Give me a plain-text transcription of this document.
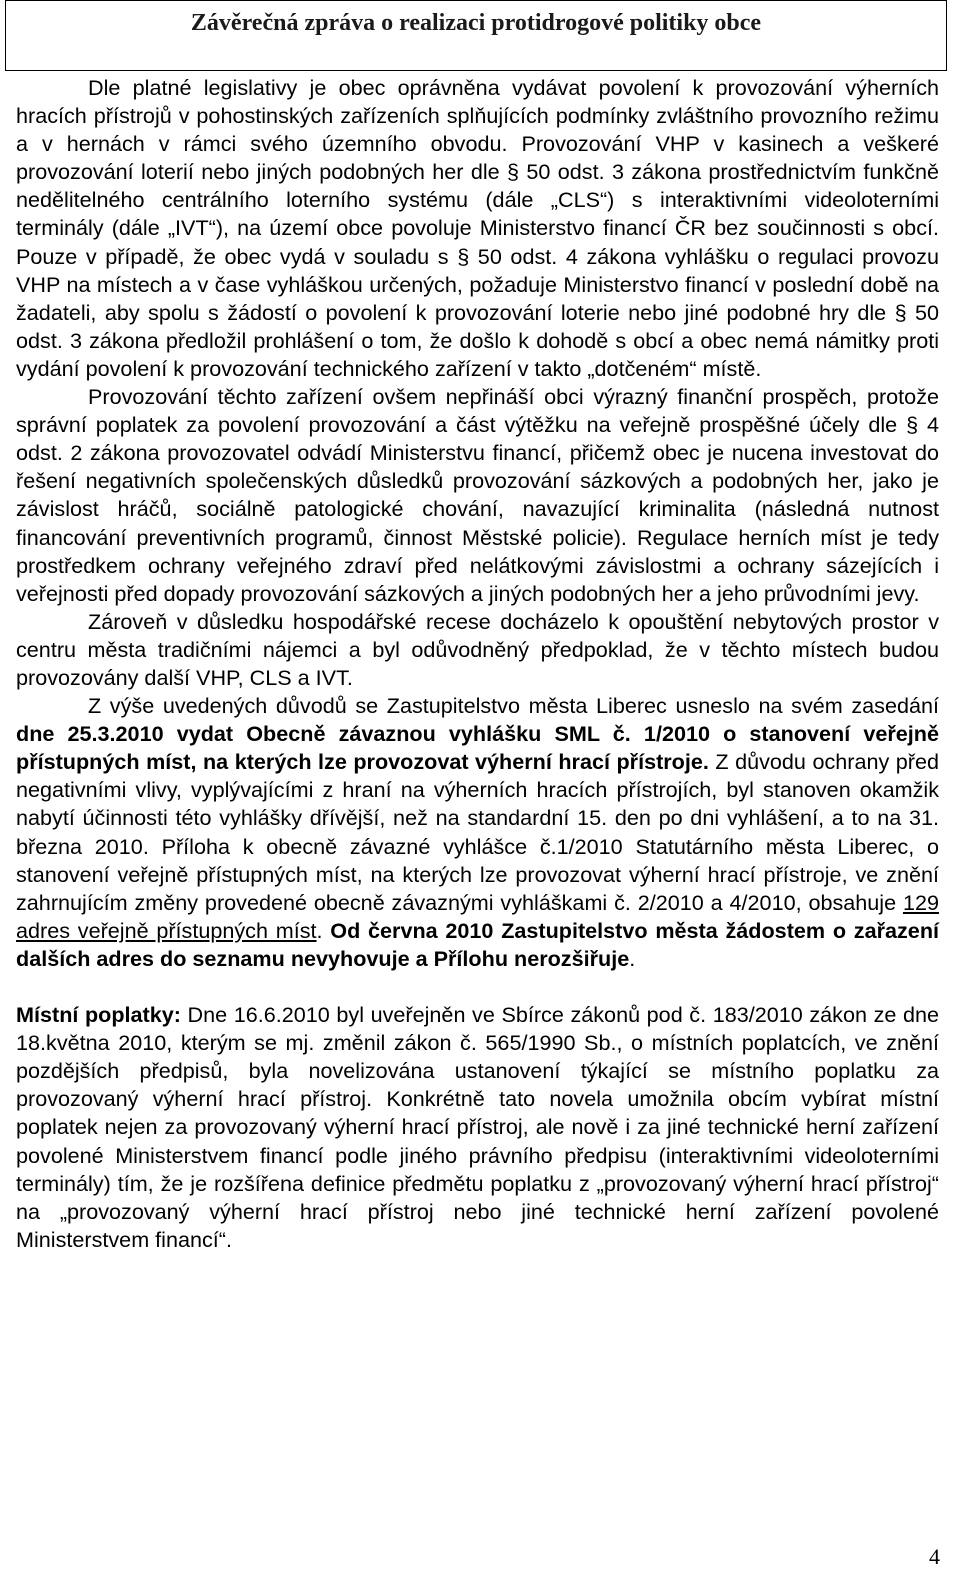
Závěrečná zpráva o realizaci protidrogové politiky obce

Dle platné legislativy je obec oprávněna vydávat povolení k provozování výherních hracích přístrojů v pohostinských zařízeních splňujících podmínky zvláštního provozního režimu a v hernách v rámci svého územního obvodu. Provozování VHP v kasinech a veškeré provozování loterií nebo jiných podobných her dle § 50 odst. 3 zákona prostřednictvím funkčně nedělitelného centrálního loterního systému (dále „CLS“) s interaktivními videoloterními terminály (dále „IVT“), na území obce povoluje Ministerstvo financí ČR bez součinnosti s obcí. Pouze v případě, že obec vydá v souladu s § 50 odst. 4 zákona vyhlášku o regulaci provozu VHP na místech a v čase vyhláškou určených, požaduje Ministerstvo financí v poslední době na žadateli, aby spolu s žádostí o povolení k provozování loterie nebo jiné podobné hry dle § 50 odst. 3 zákona předložil prohlášení o tom, že došlo k dohodě s obcí a obec nemá námitky proti vydání povolení k provozování technického zařízení v takto „dotčeném“ místě.

Provozování těchto zařízení ovšem nepřináší obci výrazný finanční prospěch, protože správní poplatek za povolení provozování a část výtěžku na veřejně prospěšné účely dle § 4 odst. 2 zákona provozovatel odvádí Ministerstvu financí, přičemž obec je nucena investovat do řešení negativních společenských důsledků provozování sázkových a podobných her, jako je závislost hráčů, sociálně patologické chování, navazující kriminalita (následná nutnost financování preventivních programů, činnost Městské policie). Regulace herních míst je tedy prostředkem ochrany veřejného zdraví před nelátkovými závislostmi a ochrany sázejících i veřejnosti před dopady provozování sázkových a jiných podobných her a jeho průvodními jevy.

Zároveň v důsledku hospodářské recese docházelo k opouštění nebytových prostor v centru města tradičními nájemci a byl odůvodněný předpoklad, že v těchto místech budou provozovány další VHP, CLS a IVT.

Z výše uvedených důvodů se Zastupitelstvo města Liberec usneslo na svém zasedání dne 25.3.2010 vydat Obecně závaznou vyhlášku SML č. 1/2010 o stanovení veřejně přístupných míst, na kterých lze provozovat výherní hrací přístroje. Z důvodu ochrany před negativními vlivy, vyplývajícími z hraní na výherních hracích přístrojích, byl stanoven okamžik nabytí účinnosti této vyhlášky dřívější, než na standardní 15. den po dni vyhlášení, a to na 31. března 2010. Příloha k obecně závazné vyhlášce č.1/2010 Statutárního města Liberec, o stanovení veřejně přístupných míst, na kterých lze provozovat výherní hrací přístroje, ve znění zahrnujícím změny provedené obecně závaznými vyhláškami č. 2/2010 a 4/2010, obsahuje 129 adres veřejně přístupných míst. Od června 2010 Zastupitelstvo města žádostem o zařazení dalších adres do seznamu nevyhovuje a Přílohu nerozšiřuje.

Místní poplatky: Dne 16.6.2010 byl uveřejněn ve Sbírce zákonů pod č. 183/2010 zákon ze dne 18.května 2010, kterým se mj. změnil zákon č. 565/1990 Sb., o místních poplatcích, ve znění pozdějších předpisů, byla novelizována ustanovení týkající se místního poplatku za provozovaný výherní hrací přístroj. Konkrétně tato novela umožnila obcím vybírat místní poplatek nejen za provozovaný výherní hrací přístroj, ale nově i za jiné technické herní zařízení povolené Ministerstvem financí podle jiného právního předpisu (interaktivními videoloterními terminály) tím, že je rozšířena definice předmětu poplatku z „provozovaný výherní hrací přístroj“ na „provozovaný výherní hrací přístroj nebo jiné technické herní zařízení povolené Ministerstvem financí“.

4
